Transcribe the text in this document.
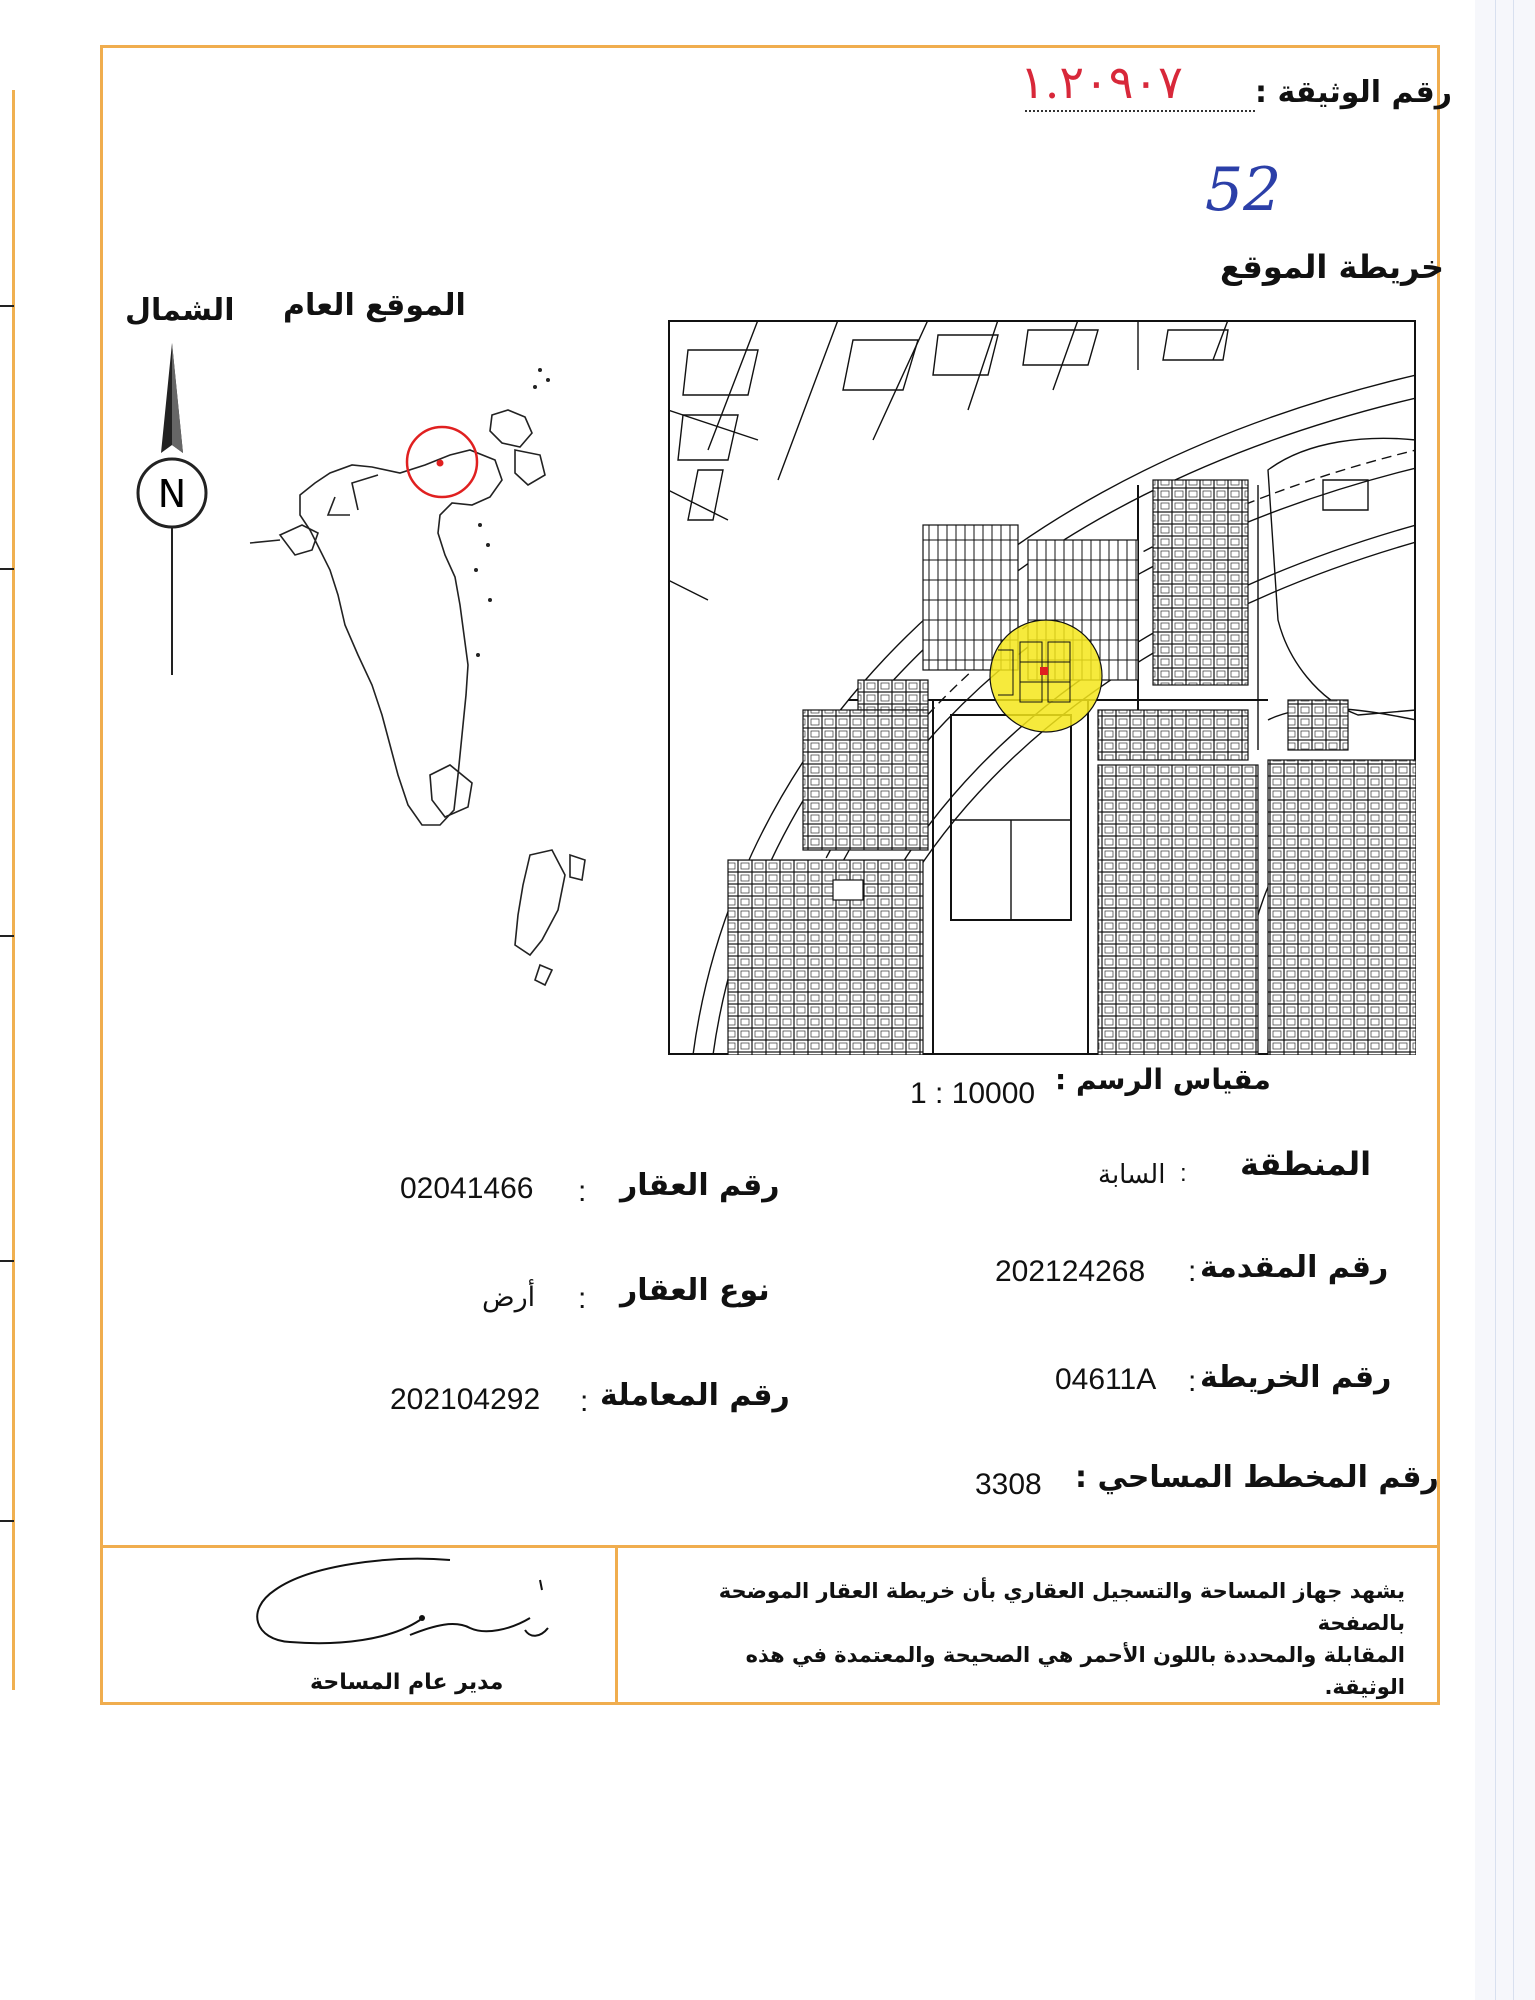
رقم الوثيقة :
١.٢٠٩٠٧
52
خريطة الموقع
الموقع العام
الشمال
N
مقياس الرسم :
1 : 10000
المنطقة
:
السابة
رقم المقدمة
:
202124268
رقم الخريطة
:
04611A
رقم المخطط المساحي :
3308
رقم العقار
:
02041466
نوع العقار
:
أرض
رقم المعاملة
:
202104292
يشهد جهاز المساحة والتسجيل العقاري بأن خريطة العقار الموضحة بالصفحة
المقابلة والمحددة باللون الأحمر هي الصحيحة والمعتمدة في هذه الوثيقة.
مدير عام المساحة
